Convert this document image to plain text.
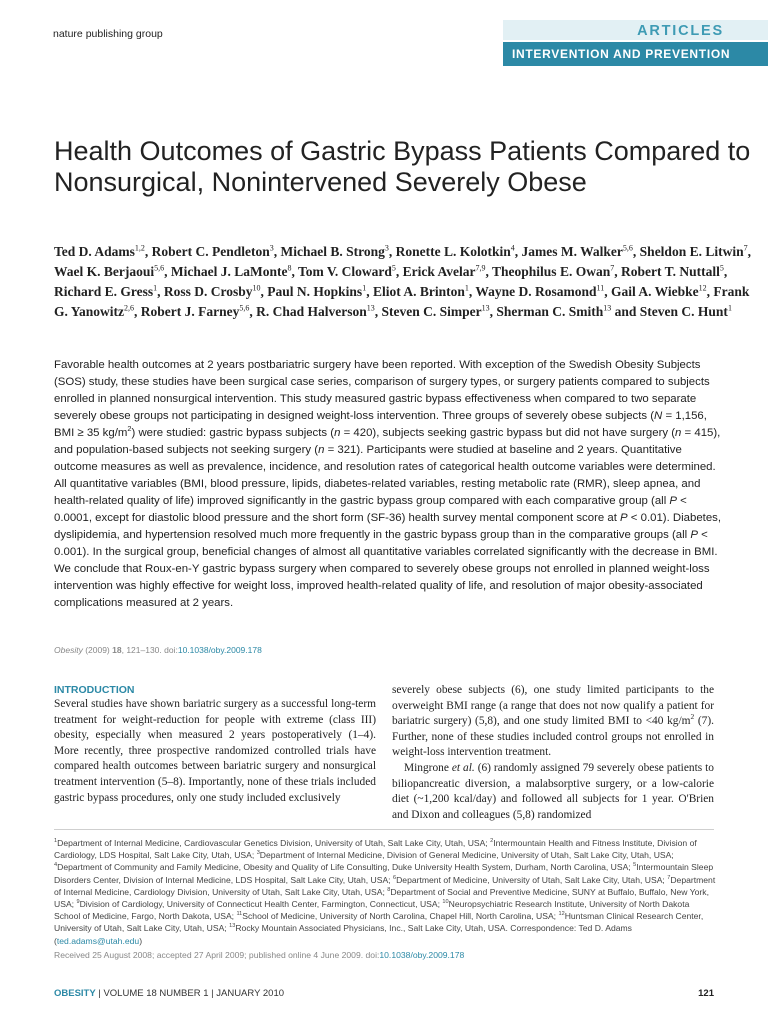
nature publishing group	ARTICLES
INTERVENTION AND PREVENTION
Health Outcomes of Gastric Bypass Patients Compared to Nonsurgical, Nonintervened Severely Obese
Ted D. Adams$^{1,2}$, Robert C. Pendleton$^3$, Michael B. Strong$^3$, Ronette L. Kolotkin$^4$, James M. Walker$^{5,6}$, Sheldon E. Litwin$^7$, Wael K. Berjaoui$^{5,6}$, Michael J. LaMonte$^8$, Tom V. Cloward$^5$, Erick Avelar$^{7,9}$, Theophilus E. Owan$^7$, Robert T. Nuttall$^5$, Richard E. Gress$^1$, Ross D. Crosby$^{10}$, Paul N. Hopkins$^1$, Eliot A. Brinton$^1$, Wayne D. Rosamond$^{11}$, Gail A. Wiebke$^{12}$, Frank G. Yanowitz$^{2,6}$, Robert J. Farney$^{5,6}$, R. Chad Halverson$^{13}$, Steven C. Simper$^{13}$, Sherman C. Smith$^{13}$ and Steven C. Hunt$^1$
Favorable health outcomes at 2 years postbariatric surgery have been reported. With exception of the Swedish Obesity Subjects (SOS) study, these studies have been surgical case series, comparison of surgery types, or surgery patients compared to subjects enrolled in planned nonsurgical intervention. This study measured gastric bypass effectiveness when compared to two separate severely obese groups not participating in designed weight-loss intervention. Three groups of severely obese subjects (N = 1,156, BMI ≥ 35 $kg/m^2$) were studied: gastric bypass subjects (n = 420), subjects seeking gastric bypass but did not have surgery (n = 415), and population-based subjects not seeking surgery (n = 321). Participants were studied at baseline and 2 years. Quantitative outcome measures as well as prevalence, incidence, and resolution rates of categorical health outcome variables were determined. All quantitative variables (BMI, blood pressure, lipids, diabetes-related variables, resting metabolic rate (RMR), sleep apnea, and health-related quality of life) improved significantly in the gastric bypass group compared with each comparative group (all P < 0.0001, except for diastolic blood pressure and the short form (SF-36) health survey mental component score at P < 0.01). Diabetes, dyslipidemia, and hypertension resolved much more frequently in the gastric bypass group than in the comparative groups (all P < 0.001). In the surgical group, beneficial changes of almost all quantitative variables correlated significantly with the decrease in BMI. We conclude that Roux-en-Y gastric bypass surgery when compared to severely obese groups not enrolled in planned weight-loss intervention was highly effective for weight loss, improved health-related quality of life, and resolution of major obesity-associated complications measured at 2 years.
Obesity (2009) 18, 121–130. doi:10.1038/oby.2009.178
INTRODUCTION
Several studies have shown bariatric surgery as a successful long-term treatment for weight-reduction for people with extreme (class III) obesity, especially when measured 2 years postoperatively (1–4). More recently, three prospective randomized controlled trials have compared health outcomes between bariatric surgery and nonsurgical treatment intervention (5–8). Importantly, none of these trials included gastric bypass procedures, only one study included exclusively
severely obese subjects (6), one study limited participants to the overweight BMI range (a range that does not now qualify a patient for bariatric surgery) (5,8), and one study limited BMI to <40 $kg/m^2$ (7). Further, none of these studies included control groups not enrolled in weight-loss intervention treatment.
Mingrone et al. (6) randomly assigned 79 severely obese patients to biliopancreatic diversion, a malabsorptive surgery, or a low-calorie diet (~1,200 kcal/day) and followed all subjects for 1 year. O'Brien and Dixon and colleagues (5,8) randomized
$^1$Department of Internal Medicine, Cardiovascular Genetics Division, University of Utah, Salt Lake City, Utah, USA; $^2$Intermountain Health and Fitness Institute, Division of Cardiology, LDS Hospital, Salt Lake City, Utah, USA; $^3$Department of Internal Medicine, Division of General Medicine, University of Utah, Salt Lake City, Utah, USA; $^4$Department of Community and Family Medicine, Obesity and Quality of Life Consulting, Duke University Health System, Durham, North Carolina, USA; $^5$Intermountain Sleep Disorders Center, Division of Internal Medicine, LDS Hospital, Salt Lake City, Utah, USA; $^6$Department of Medicine, University of Utah, Salt Lake City, Utah, USA; $^7$Department of Internal Medicine, Cardiology Division, University of Utah, Salt Lake City, Utah, USA; $^8$Department of Social and Preventive Medicine, SUNY at Buffalo, Buffalo, New York, USA; $^9$Division of Cardiology, University of Connecticut Health Center, Farmington, Connecticut, USA; $^{10}$Neuropsychiatric Research Institute, University of North Dakota School of Medicine, Fargo, North Dakota, USA; $^{11}$School of Medicine, University of North Carolina, Chapel Hill, North Carolina, USA; $^{12}$Huntsman Clinical Research Center, University of Utah, Salt Lake City, Utah, USA; $^{13}$Rocky Mountain Associated Physicians, Inc., Salt Lake City, Utah, USA. Correspondence: Ted D. Adams (ted.adams@utah.edu)
Received 25 August 2008; accepted 27 April 2009; published online 4 June 2009. doi:10.1038/oby.2009.178
OBESITY | VOLUME 18 NUMBER 1 | JANUARY 2010	121
